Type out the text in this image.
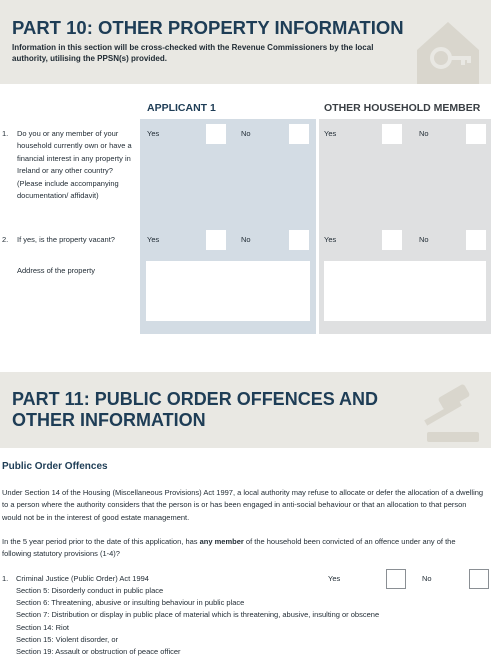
PART 10: OTHER PROPERTY INFORMATION
Information in this section will be cross-checked with the Revenue Commissioners by the local authority, utilising the PPSN(s) provided.
APPLICANT 1	OTHER HOUSEHOLD MEMBER
1. Do you or any member of your household currently own or have a financial interest in any property in Ireland or any other country? (Please include accompanying documentation/ affidavit)
Yes	No	Yes	No
2. If yes, is the property vacant?	Yes	No	Yes	No
Address of the property
PART 11: PUBLIC ORDER OFFENCES AND
OTHER INFORMATION
Public Order Offences
Under Section 14 of the Housing (Miscellaneous Provisions) Act 1997, a local authority may refuse to allocate or defer the allocation of a dwelling to a person where the authority considers that the person is or has been engaged in anti-social behaviour or that an allocation to that person would not be in the interest of good estate management.
In the 5 year period prior to the date of this application, has any member of the household been convicted of an offence under any of the following statutory provisions (1-4)?
1. Criminal Justice (Public Order) Act 1994
Section 5: Disorderly conduct in public place
Section 6: Threatening, abusive or insulting behaviour in public place
Section 7: Distribution or display in public place of material which is threatening, abusive, insulting or obscene
Section 14: Riot
Section 15: Violent disorder, or
Section 19: Assault or obstruction of peace officer
Yes	No
